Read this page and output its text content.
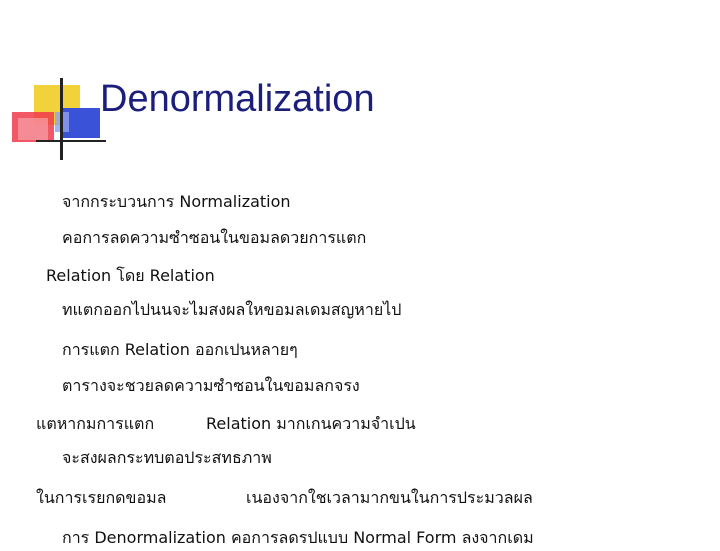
Denormalization
จากกระบวนการ Normalization
คอการลดความซำซอนในขอมลดวยการแตก
Relation โดย Relation
ทแตกออกไปนนจะไมสงผลใหขอมลเดมสญหายไป
การแตก Relation ออกเปนหลายๆ
ตารางจะชวยลดความซำซอนในขอมลกจรง
แตหากมการแตก	Relation มากเกนความจำเปน
จะสงผลกระทบตอประสทธภาพ
ในการเรยกดขอมล	เนองจากใชเวลามากขนในการประมวลผล
การ Denormalization คอการลดรปแบบ Normal Form ลงจากเดม
